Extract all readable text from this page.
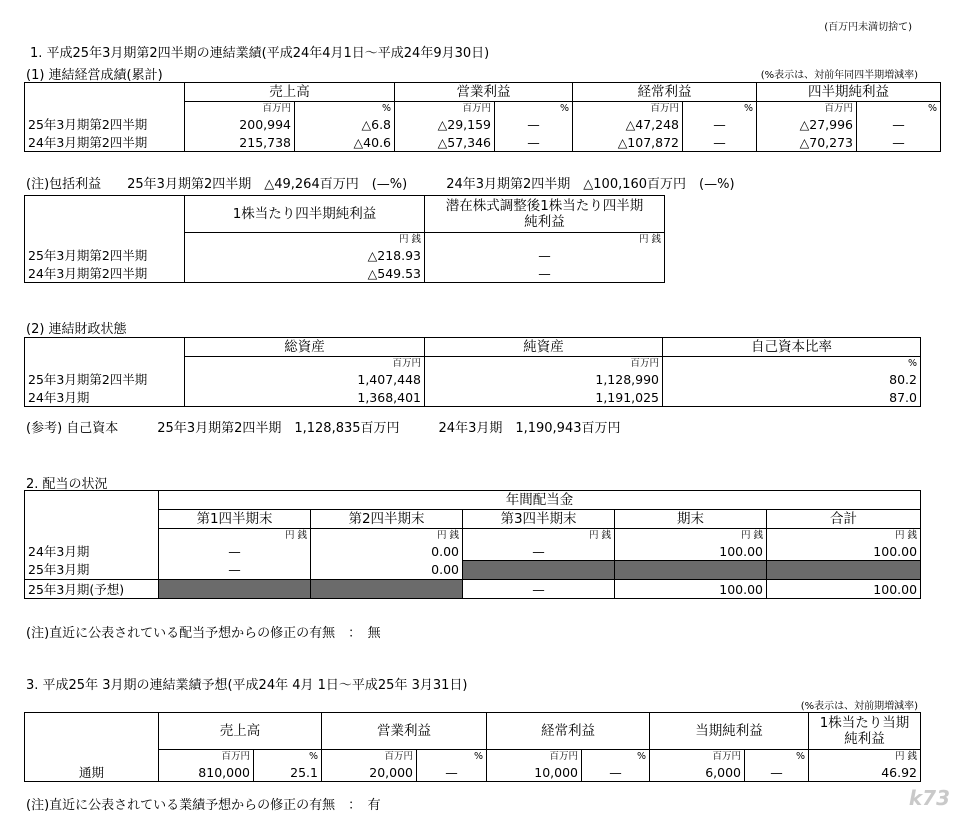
(百万円未満切捨て)
1. 平成25年3月期第2四半期の連結業績(平成24年4月1日～平成24年9月30日)
(1) 連結経営成績(累計)	(%表示は、対前年同四半期増減率)
	売上高		営業利益		経常利益		四半期純利益	
	百万円	%	百万円	%	百万円	%	百万円	%
25年3月期第2四半期	200,994	△6.8	△29,159	—	△47,248	—	△27,996	—
24年3月期第2四半期	215,738	△40.6	△57,346	—	△107,872	—	△70,273	—
(注)包括利益　　25年3月期第2四半期　△49,264百万円　(—%)　　　24年3月期第2四半期　△100,160百万円　(—%)
	1株当たり四半期純利益	潜在株式調整後1株当たり四半期
純利益
	円 銭	円 銭
25年3月期第2四半期	△218.93	—
24年3月期第2四半期	△549.53	—
(2) 連結財政状態
	総資産	純資産	自己資本比率
	百万円	百万円	%
25年3月期第2四半期	1,407,448	1,128,990	80.2
24年3月期	1,368,401	1,191,025	87.0
(参考) 自己資本　　　25年3月期第2四半期　1,128,835百万円　　　24年3月期　1,190,943百万円
2. 配当の状況
	年間配当金				
	第1四半期末	第2四半期末	第3四半期末	期末	合計
	円 銭	円 銭	円 銭	円 銭	円 銭
24年3月期	—	0.00	—	100.00	100.00
25年3月期	—	0.00			
25年3月期(予想)			—	100.00	100.00
(注)直近に公表されている配当予想からの修正の有無　：　無
3. 平成25年 3月期の連結業績予想(平成24年 4月 1日～平成25年 3月31日)
(%表示は、対前期増減率)
	売上高		営業利益		経常利益		当期純利益		1株当たり当期
純利益
	百万円	%	百万円	%	百万円	%	百万円	%	円 銭
通期	810,000	25.1	20,000	—	10,000	—	6,000	—	46.92
(注)直近に公表されている業績予想からの修正の有無　：　有	k73
